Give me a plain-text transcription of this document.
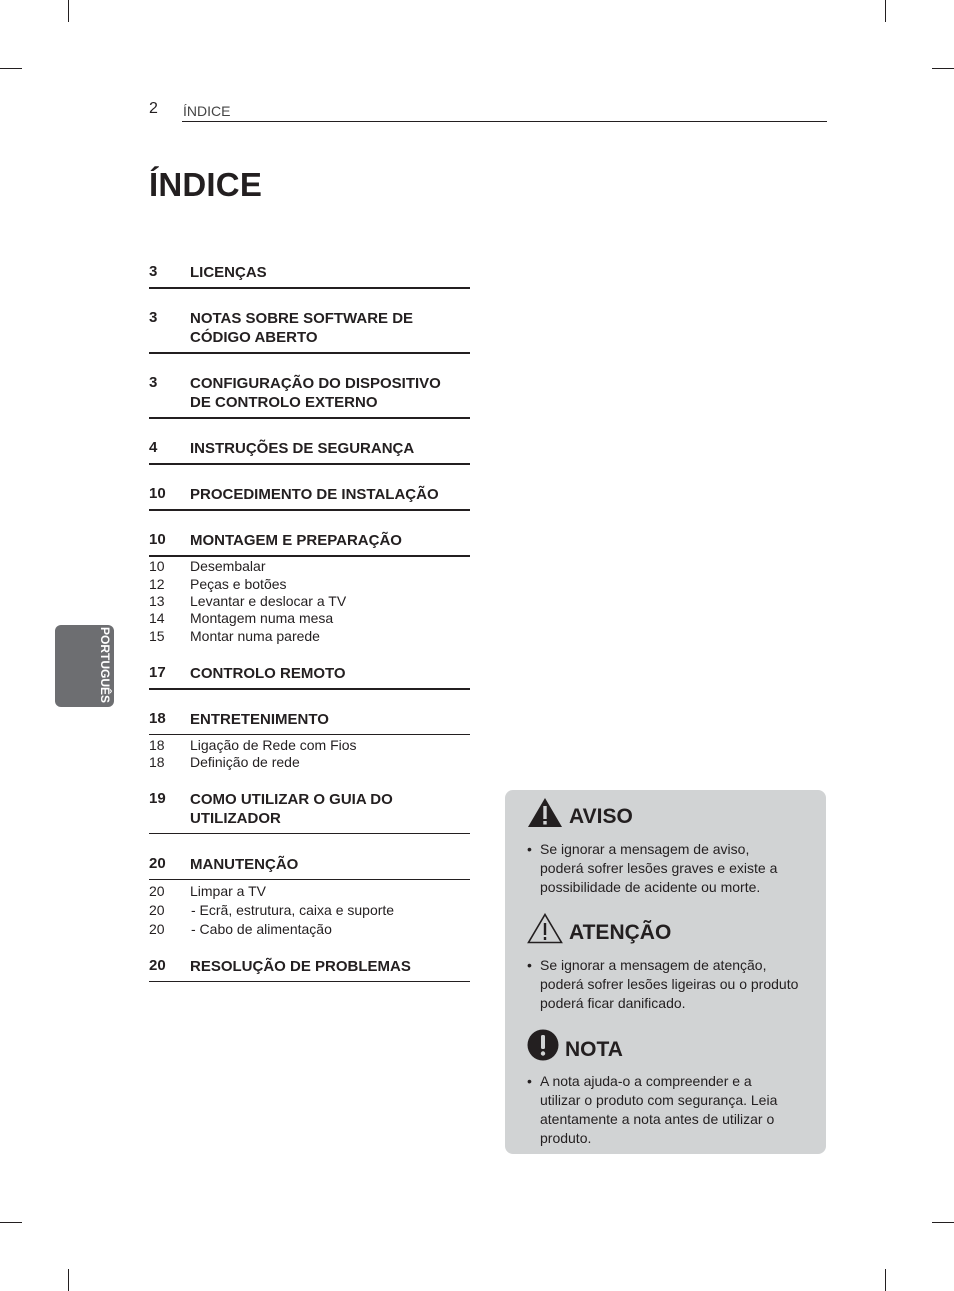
2 ÍNDICE
ÍNDICE
PORTUGUÊS
3 LICENÇAS
3 NOTAS SOBRE SOFTWARE DE
CÓDIGO ABERTO
3 CONFIGURAÇÃO DO DISPOSITIVO
DE CONTROLO EXTERNO
4 INSTRUÇÕES DE SEGURANÇA
10 PROCEDIMENTO DE INSTALAÇÃO
10 MONTAGEM E PREPARAÇÃO
10 Desembalar
12 Peças e botões
13 Levantar e deslocar a TV
14 Montagem numa mesa
15 Montar numa parede
17 CONTROLO REMOTO
18 ENTRETENIMENTO
18 Ligação de Rede com Fios
18 Definição de rede
19 COMO UTILIZAR O GUIA DO
UTILIZADOR
20 MANUTENÇÃO
20 Limpar a TV
20 - Ecrã, estrutura, caixa e suporte
20 - Cabo de alimentação
20 RESOLUÇÃO DE PROBLEMAS
AVISO
• Se ignorar a mensagem de aviso,
poderá sofrer lesões graves e existe a
possibilidade de acidente ou morte.
ATENÇÃO
• Se ignorar a mensagem de atenção,
poderá sofrer lesões ligeiras ou o produto
poderá ficar danificado.
NOTA
• A nota ajuda-o a compreender e a
utilizar o produto com segurança. Leia
atentamente a nota antes de utilizar o
produto.
